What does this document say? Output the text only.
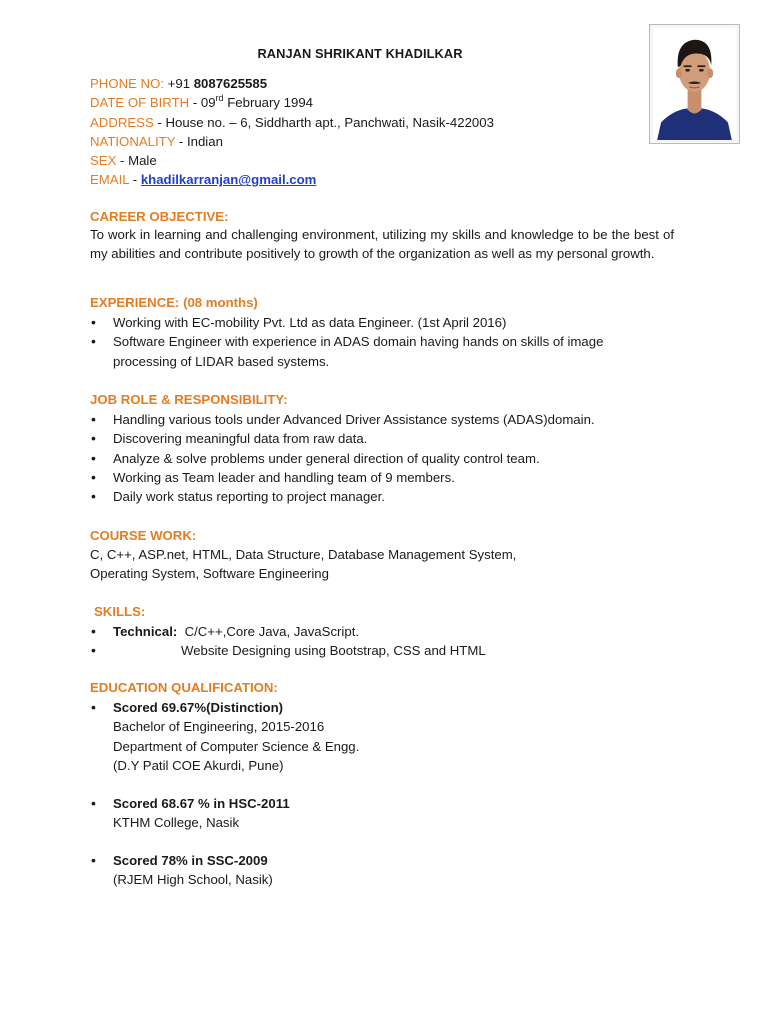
RANJAN SHRIKANT KHADILKAR
PHONE NO: +91 8087625585
DATE OF BIRTH - 09rd February 1994
ADDRESS - House no. – 6, Siddharth apt., Panchwati, Nasik-422003
NATIONALITY - Indian
SEX - Male
EMAIL - khadilkarranjan@gmail.com
CAREER OBJECTIVE:
To work in learning and challenging environment, utilizing my skills and knowledge to be the best of my abilities and contribute positively to growth of the organization as well as my personal growth.
EXPERIENCE: (08 months)
• Working with EC-mobility Pvt. Ltd as data Engineer. (1st April 2016)
• Software Engineer with experience in ADAS domain having hands on skills of image processing of LIDAR based systems.
JOB ROLE & RESPONSIBILITY:
• Handling various tools under Advanced Driver Assistance systems (ADAS)domain.
• Discovering meaningful data from raw data.
• Analyze & solve problems under general direction of quality control team.
• Working as Team leader and handling team of 9 members.
• Daily work status reporting to project manager.
COURSE WORK:
C, C++, ASP.net, HTML, Data Structure, Database Management System,
Operating System, Software Engineering
SKILLS:
• Technical: C/C++,Core Java, JavaScript.
• Website Designing using Bootstrap, CSS and HTML
EDUCATION QUALIFICATION:
• Scored 69.67%(Distinction)
Bachelor of Engineering, 2015-2016
Department of Computer Science & Engg.
(D.Y Patil COE Akurdi, Pune)
• Scored 68.67 % in HSC-2011
KTHM College, Nasik
• Scored 78% in SSC-2009
(RJEM High School, Nasik)
